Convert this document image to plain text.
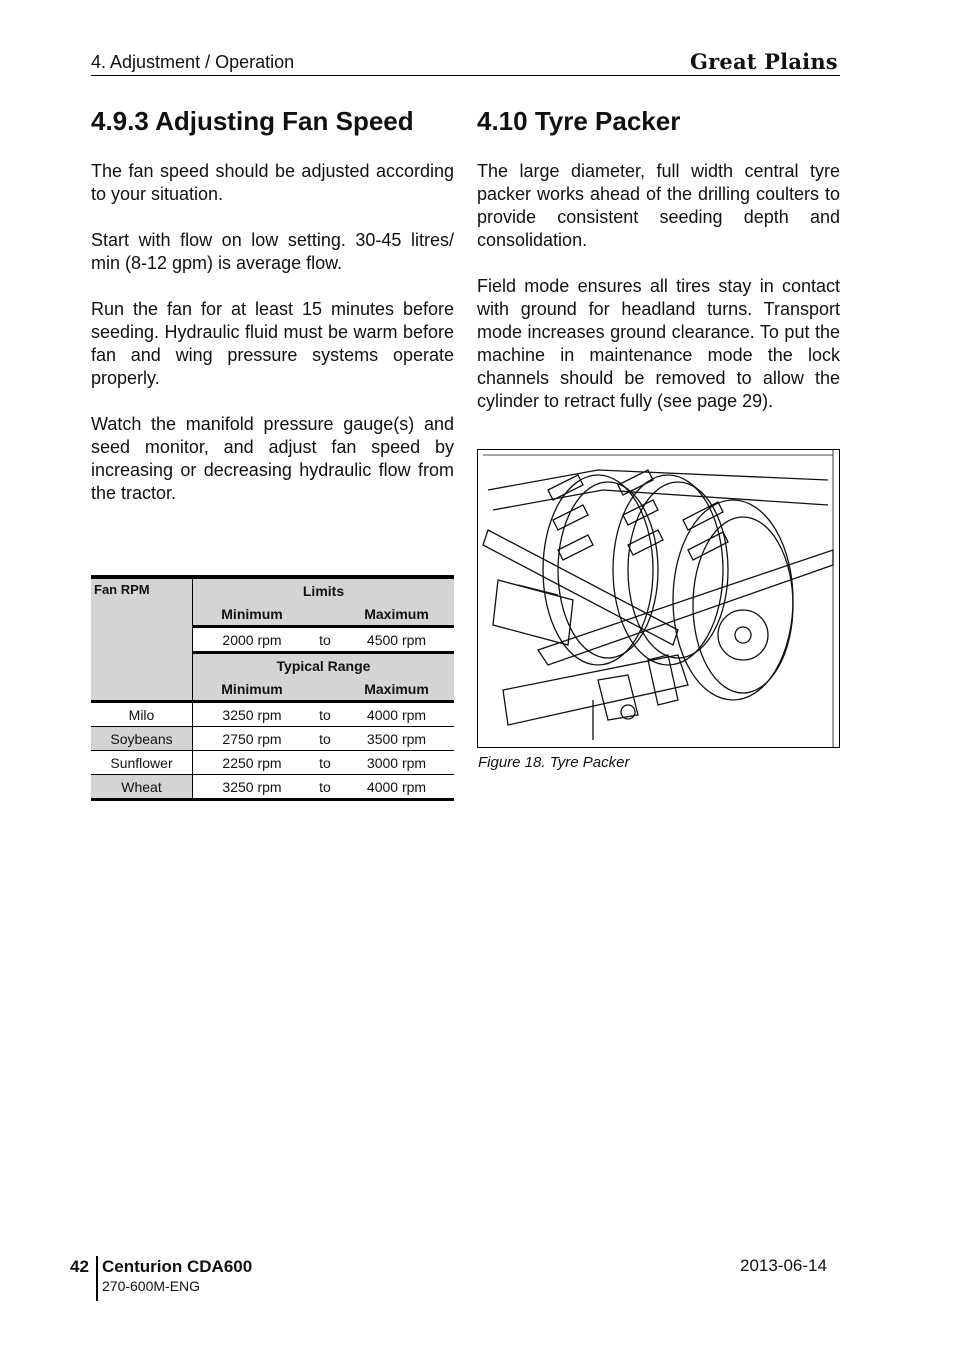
4. Adjustment / Operation	Great Plains
4.9.3 Adjusting Fan Speed

The fan speed should be adjusted according to your situation.

Start with flow on low setting. 30-45 litres/ min (8-12 gpm) is average flow.

Run the fan for at least 15 minutes before seeding. Hydraulic fluid must be warm before fan and wing pressure systems operate properly.

Watch the manifold pressure gauge(s) and seed monitor, and adjust fan speed by increasing or decreasing hydraulic flow from the tractor.

Fan RPM	Limits		
	Minimum		Maximum
	2000 rpm	to	4500 rpm
	Typical Range		
	Minimum		Maximum
Milo	3250 rpm	to	4000 rpm
Soybeans	2750 rpm	to	3500 rpm
Sunflower	2250 rpm	to	3000 rpm
Wheat	3250 rpm	to	4000 rpm
4.10 Tyre Packer

The large diameter, full width central tyre packer works ahead of the drilling coulters to provide consistent seeding depth and consolidation.

Field mode ensures all tires stay in contact with ground for headland turns. Transport mode increases ground clearance. To put the machine in maintenance mode the lock channels should be removed to allow the cylinder to retract fully (see page 29).

Figure 18. Tyre Packer
42 Centurion CDA600
270-600M-ENG
2013-06-14
